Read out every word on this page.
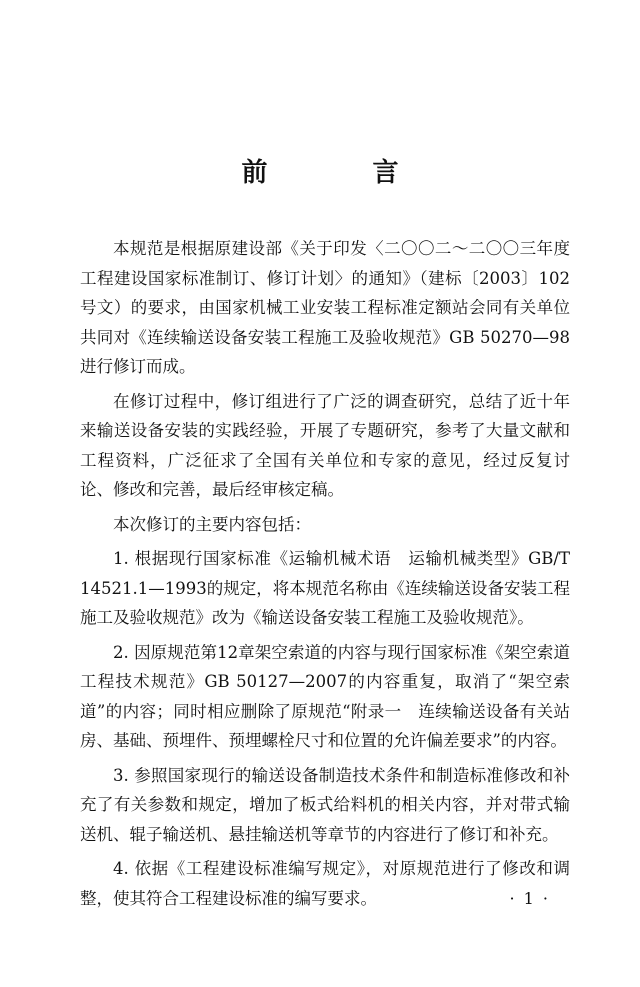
前 言

本规范是根据原建设部《关于印发〈二〇〇二～二〇〇三年度工程建设国家标准制订、修订计划〉的通知》（建标〔2003〕102号文）的要求，由国家机械工业安装工程标准定额站会同有关单位共同对《连续输送设备安装工程施工及验收规范》GB 50270—98进行修订而成。

在修订过程中，修订组进行了广泛的调查研究，总结了近十年来输送设备安装的实践经验，开展了专题研究，参考了大量文献和工程资料，广泛征求了全国有关单位和专家的意见，经过反复讨论、修改和完善，最后经审核定稿。

本次修订的主要内容包括：

1. 根据现行国家标准《运输机械术语　运输机械类型》GB/T 14521.1—1993的规定，将本规范名称由《连续输送设备安装工程施工及验收规范》改为《输送设备安装工程施工及验收规范》。

2. 因原规范第12章架空索道的内容与现行国家标准《架空索道工程技术规范》GB 50127—2007的内容重复，取消了“架空索道”的内容；同时相应删除了原规范“附录一　连续输送设备有关站房、基础、预埋件、预埋螺栓尺寸和位置的允许偏差要求”的内容。

3. 参照国家现行的输送设备制造技术条件和制造标准修改和补充了有关参数和规定，增加了板式给料机的相关内容，并对带式输送机、辊子输送机、悬挂输送机等章节的内容进行了修订和补充。

4. 依据《工程建设标准编写规定》，对原规范进行了修改和调整，使其符合工程建设标准的编写要求。	· 1 ·
